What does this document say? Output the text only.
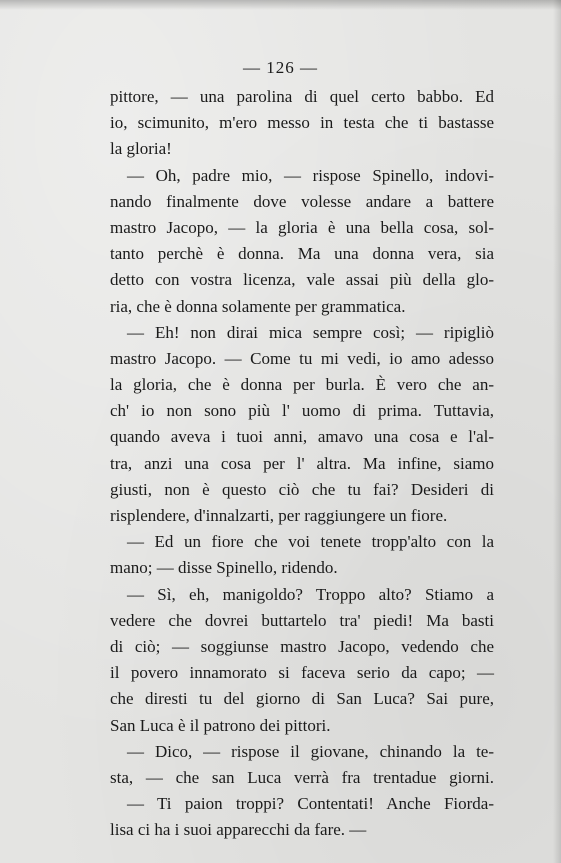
— 126 —
pittore, — una parolina di quel certo babbo. Ed
io, scimunito, m'ero messo in testa che ti bastasse
la gloria!
— Oh, padre mio, — rispose Spinello, indovi-
nando finalmente dove volesse andare a battere
mastro Jacopo, — la gloria è una bella cosa, sol-
tanto perchè è donna. Ma una donna vera, sia
detto con vostra licenza, vale assai più della glo-
ria, che è donna solamente per grammatica.
— Eh! non dirai mica sempre così; — ripigliò
mastro Jacopo. — Come tu mi vedi, io amo adesso
la gloria, che è donna per burla. È vero che an-
ch' io non sono più l' uomo di prima. Tuttavia,
quando aveva i tuoi anni, amavo una cosa e l'al-
tra, anzi una cosa per l' altra. Ma infine, siamo
giusti, non è questo ciò che tu fai? Desideri di
risplendere, d'innalzarti, per raggiungere un fiore.
— Ed un fiore che voi tenete tropp'alto con la
mano; — disse Spinello, ridendo.
— Sì, eh, manigoldo? Troppo alto? Stiamo a
vedere che dovrei buttartelo tra' piedi! Ma basti
di ciò; — soggiunse mastro Jacopo, vedendo che
il povero innamorato si faceva serio da capo; —
che diresti tu del giorno di San Luca? Sai pure,
San Luca è il patrono dei pittori.
— Dico, — rispose il giovane, chinando la te-
sta, — che san Luca verrà fra trentadue giorni.
— Ti paion troppi? Contentati! Anche Fiorda-
lisa ci ha i suoi apparecchi da fare. —
